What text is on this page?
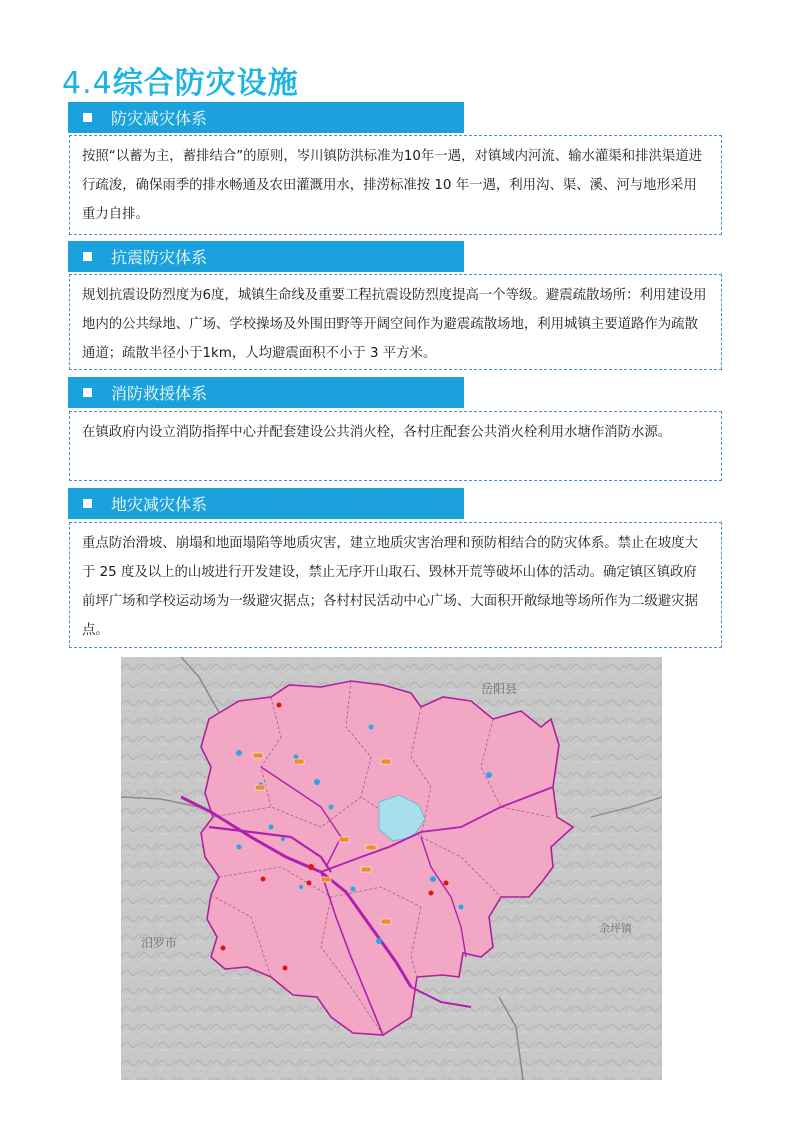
4.4综合防灾设施
防灾减灾体系

按照“以蓄为主，蓄排结合”的原则，岑川镇防洪标准为10年一遇，对镇域内河流、输水灌渠和排洪渠道进行疏浚，确保雨季的排水畅通及农田灌溉用水，排涝标准按 10 年一遇，利用沟、渠、溪、河与地形采用重力自排。

抗震防灾体系

规划抗震设防烈度为6度，城镇生命线及重要工程抗震设防烈度提高一个等级。避震疏散场所：利用建设用地内的公共绿地、广场、学校操场及外围田野等开阔空间作为避震疏散场地，利用城镇主要道路作为疏散通道；疏散半径小于1km，人均避震面积不小于 3 平方米。

消防救援体系

在镇政府内设立消防指挥中心并配套建设公共消火栓，各村庄配套公共消火栓利用水塘作消防水源。

地灾减灾体系

重点防治滑坡、崩塌和地面塌陷等地质灾害，建立地质灾害治理和预防相结合的防灾体系。禁止在坡度大于 25 度及以上的山坡进行开发建设，禁止无序开山取石、毁林开荒等破坏山体的活动。确定镇区镇政府前坪广场和学校运动场为一级避灾据点；各村村民活动中心广场、大面积开敞绿地等场所作为二级避灾据点。

岳阳县
汨罗市
余坪镇
